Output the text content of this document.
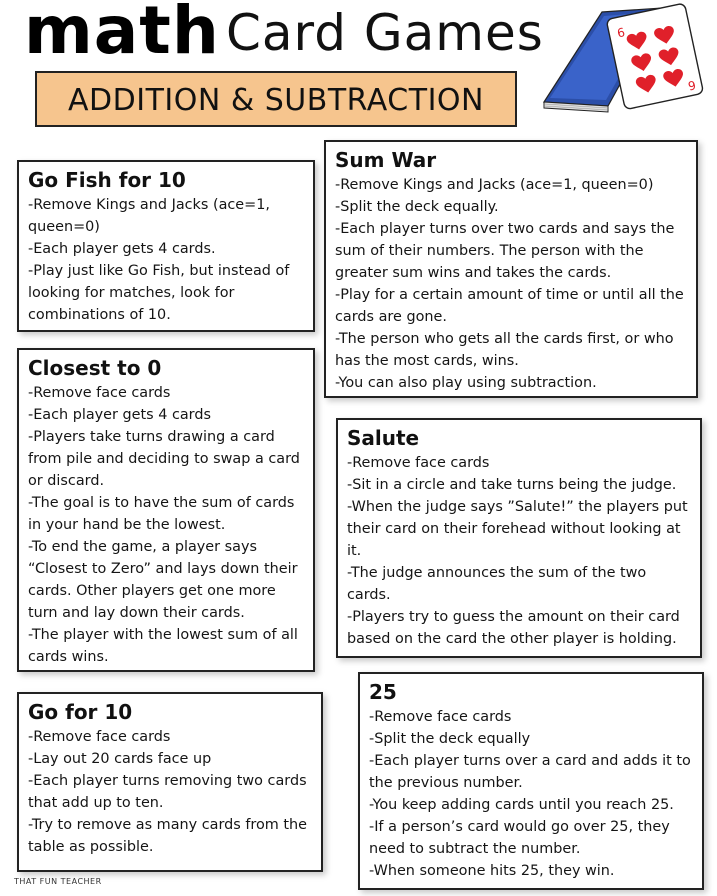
math Card Games
ADDITION & SUBTRACTION
6
6
Go Fish for 10
-Remove Kings and Jacks (ace=1,
queen=0)
-Each player gets 4 cards.
-Play just like Go Fish, but instead of
looking for matches, look for
combinations of 10.
Sum War
-Remove Kings and Jacks (ace=1, queen=0)
-Split the deck equally.
-Each player turns over two cards and says the
sum of their numbers. The person with the
greater sum wins and takes the cards.
-Play for a certain amount of time or until all the
cards are gone.
-The person who gets all the cards first, or who
has the most cards, wins.
-You can also play using subtraction.
Closest to 0
-Remove face cards
-Each player gets 4 cards
-Players take turns drawing a card
from pile and deciding to swap a card
or discard.
-The goal is to have the sum of cards
in your hand be the lowest.
-To end the game, a player says
“Closest to Zero” and lays down their
cards. Other players get one more
turn and lay down their cards.
-The player with the lowest sum of all
cards wins.
Salute
-Remove face cards
-Sit in a circle and take turns being the judge.
-When the judge says ”Salute!” the players put
their card on their forehead without looking at
it.
-The judge announces the sum of the two
cards.
-Players try to guess the amount on their card
based on the card the other player is holding.
Go for 10
-Remove face cards
-Lay out 20 cards face up
-Each player turns removing two cards
that add up to ten.
-Try to remove as many cards from the
table as possible.
25
-Remove face cards
-Split the deck equally
-Each player turns over a card and adds it to
the previous number.
-You keep adding cards until you reach 25.
-If a person’s card would go over 25, they
need to subtract the number.
-When someone hits 25, they win.
THAT FUN TEACHER
